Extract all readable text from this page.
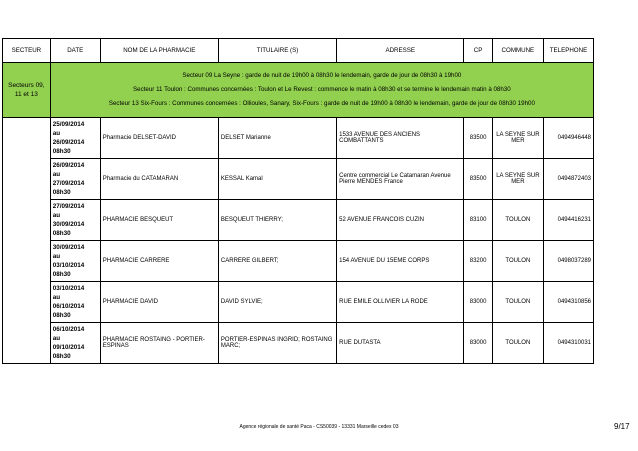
SECTEUR	DATE	NOM DE LA PHARMACIE	TITULAIRE (S)	ADRESSE	CP	COMMUNE	TELEPHONE
Secteurs 09, 11 et 13	Secteur 09 La Seyne : garde de nuit de 19h00 à 08h30 le lendemain, garde de jour de 08h30 à 19h00
Secteur 11 Toulon : Communes concernées : Toulon et Le Revest : commence le matin à 08h30 et se termine le lendemain matin à 08h30
Secteur 13 Six-Fours : Communes concernées : Ollioules, Sanary, Six-Fours : garde de nuit de 19h00 à 08h30 le lendemain, garde de jour de 08h30 19h00						

	25/09/2014
au
26/09/2014
08h30	Pharmacie DELSET-DAVID	DELSET Marianne	1533 AVENUE DES ANCIENS COMBATTANTS	83500	LA SEYNE SUR MER	0494946448

	26/09/2014
au
27/09/2014
08h30	Pharmacie du CATAMARAN	KESSAL Kamal	Centre commercial Le Catamaran Avenue Pierre MENDES France	83500	LA SEYNE SUR MER	0494872403

	27/09/2014
au
30/09/2014
08h30	PHARMACIE BESQUEUT	BESQUEUT THIERRY;	52 AVENUE FRANCOIS CUZIN	83100	TOULON	0494416231

	30/09/2014
au
03/10/2014
08h30	PHARMACIE CARRERE	CARRERE GILBERT;	154 AVENUE DU 15EME CORPS	83200	TOULON	0498037289

	03/10/2014
au
06/10/2014
08h30	PHARMACIE DAVID	DAVID SYLVIE;	RUE EMILE OLLIVIER LA RODE	83000	TOULON	0494310856

	06/10/2014
au
09/10/2014
08h30	PHARMACIE ROSTAING - PORTIER-ESPINAS	PORTIER-ESPINAS INGRID; ROSTAING MARC;	RUE DUTASTA	83000	TOULON	0494310031
Agence régionale de santé Paca - CS50039 - 13331 Marseille cedex 03	9/17
